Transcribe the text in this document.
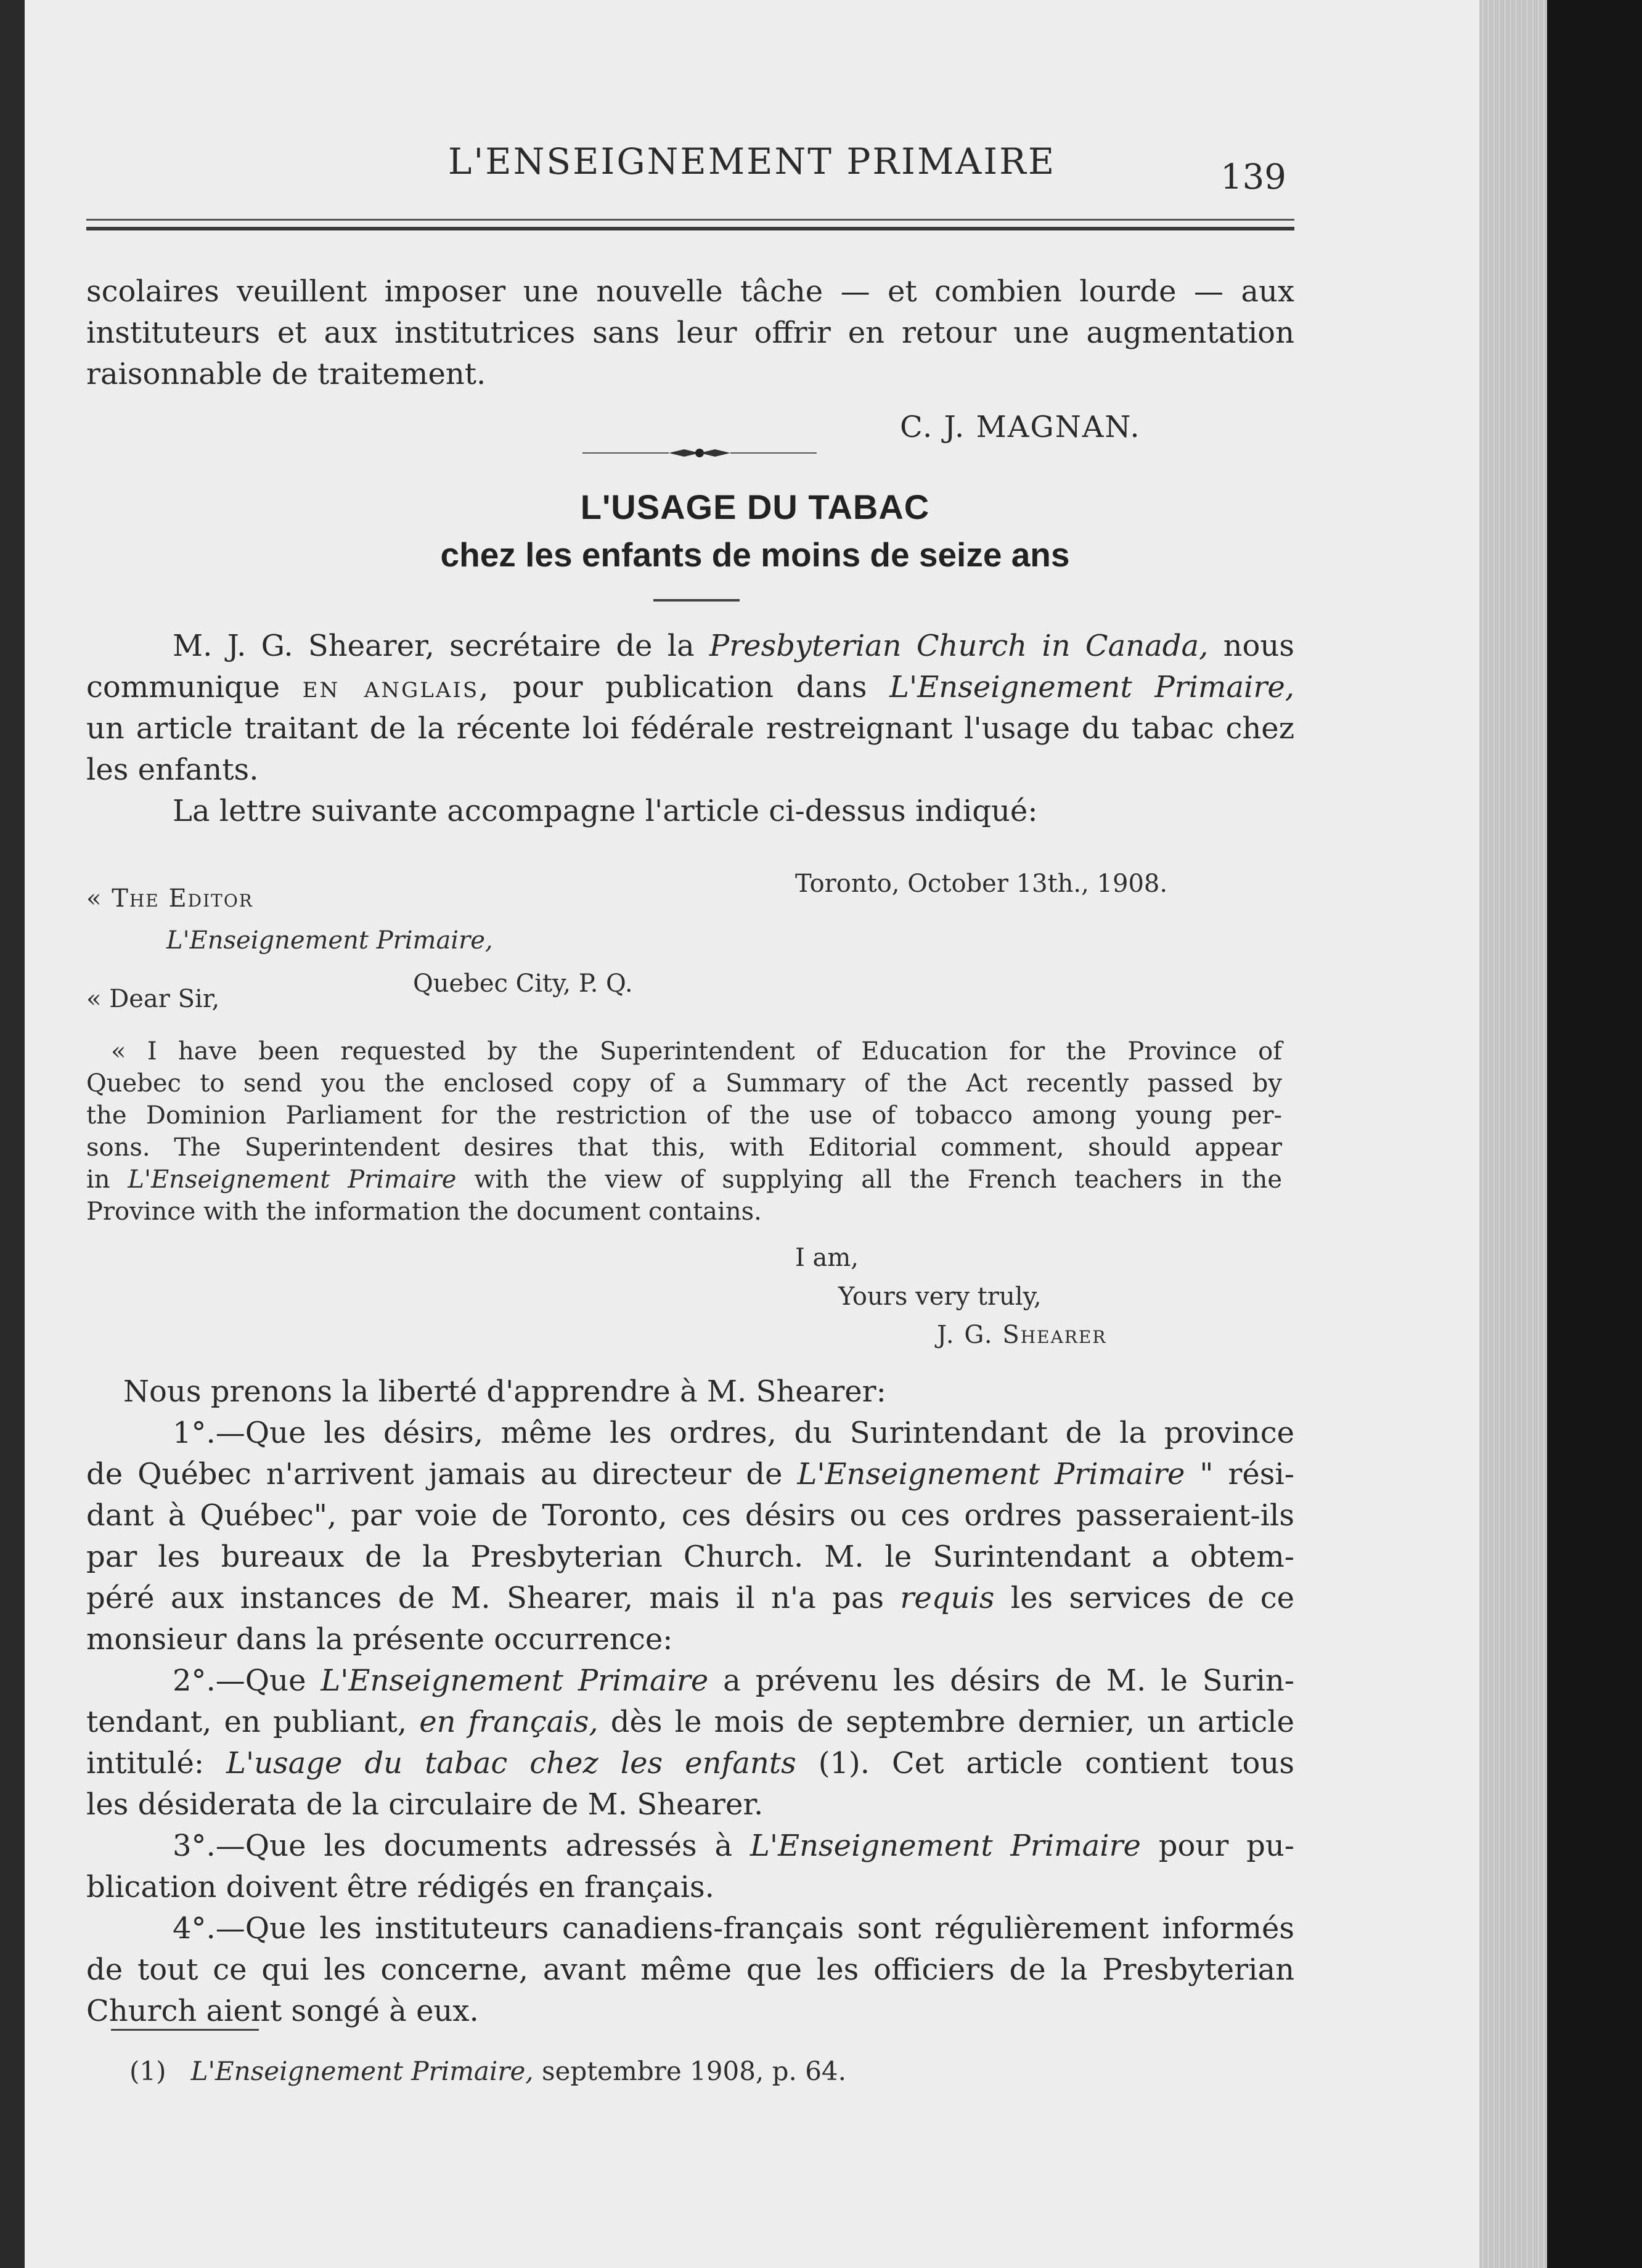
L'ENSEIGNEMENT PRIMAIRE	139
scolaires veuillent imposer une nouvelle tâche — et combien lourde — aux
instituteurs et aux institutrices sans leur offrir en retour une augmentation
raisonnable de traitement.
C. J. MAGNAN.
L'USAGE DU TABAC
chez les enfants de moins de seize ans
M. J. G. Shearer, secrétaire de la Presbyterian Church in Canada, nous
communique en anglais, pour publication dans L'Enseignement Primaire,
un article traitant de la récente loi fédérale restreignant l'usage du tabac chez
les enfants.
La lettre suivante accompagne l'article ci-dessus indiqué:
Toronto, October 13th., 1908.
« The Editor
L'Enseignement Primaire,
Quebec City, P. Q.
« Dear Sir,
« I have been requested by the Superintendent of Education for the Province of
Quebec to send you the enclosed copy of a Summary of the Act recently passed by
the Dominion Parliament for the restriction of the use of tobacco among young per-
sons. The Superintendent desires that this, with Editorial comment, should appear
in L'Enseignement Primaire with the view of supplying all the French teachers in the
Province with the information the document contains.
I am,
Yours very truly,
J. G. Shearer
Nous prenons la liberté d'apprendre à M. Shearer:
1°.—Que les désirs, même les ordres, du Surintendant de la province
de Québec n'arrivent jamais au directeur de L'Enseignement Primaire " rési-
dant à Québec", par voie de Toronto, ces désirs ou ces ordres passeraient-ils
par les bureaux de la Presbyterian Church. M. le Surintendant a obtem-
péré aux instances de M. Shearer, mais il n'a pas requis les services de ce
monsieur dans la présente occurrence:
2°.—Que L'Enseignement Primaire a prévenu les désirs de M. le Surin-
tendant, en publiant, en français, dès le mois de septembre dernier, un article
intitulé: L'usage du tabac chez les enfants (1). Cet article contient tous
les désiderata de la circulaire de M. Shearer.
3°.—Que les documents adressés à L'Enseignement Primaire pour pu-
blication doivent être rédigés en français.
4°.—Que les instituteurs canadiens-français sont régulièrement informés
de tout ce qui les concerne, avant même que les officiers de la Presbyterian
Church aient songé à eux.
(1) L'Enseignement Primaire, septembre 1908, p. 64.
